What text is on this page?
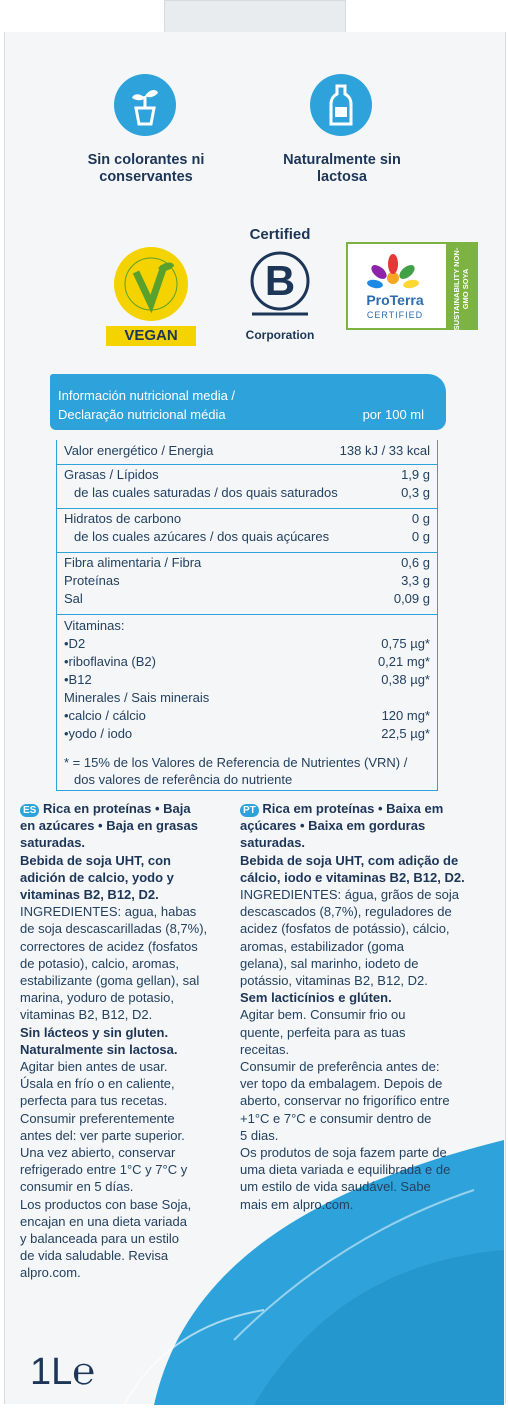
Sin colorantes ni conservantes
Naturalmente sin lactosa
VEGAN
Certified
B
Corporation
ProTerra
CERTIFIED	SUSTAINABILITY NON-GMO SOYA
Información nutricional media /
Declaração nutricional média	por 100 ml
Valor energético / Energia	138 kJ / 33 kcal
Grasas / Lípidos	1,9 g
de las cuales saturadas / dos quais saturados	0,3 g
Hidratos de carbono	0 g
de los cuales azúcares / dos quais açúcares	0 g
Fibra alimentaria / Fibra	0,6 g
Proteínas	3,3 g
Sal	0,09 g
Vitaminas:
•D2	0,75 µg*
•riboflavina (B2)	0,21 mg*
•B12	0,38 µg*
Minerales / Sais minerais
•calcio / cálcio	120 mg*
•yodo / iodo	22,5 µg*
* = 15% de los Valores de Referencia de Nutrientes (VRN) /
dos valores de referência do nutriente
ES Rica en proteínas • Baja
en azúcares • Baja en grasas
saturadas.
Bebida de soja UHT, con
adición de calcio, yodo y
vitaminas B2, B12, D2.
INGREDIENTES: agua, habas
de soja descascarilladas (8,7%),
correctores de acidez (fosfatos
de potasio), calcio, aromas,
estabilizante (goma gellan), sal
marina, yoduro de potasio,
vitaminas B2, B12, D2.
Sin lácteos y sin gluten.
Naturalmente sin lactosa.
Agitar bien antes de usar.
Úsala en frío o en caliente,
perfecta para tus recetas.
Consumir preferentemente
antes del: ver parte superior.
Una vez abierto, conservar
refrigerado entre 1°C y 7°C y
consumir en 5 días.
Los productos con base Soja,
encajan en una dieta variada
y balanceada para un estilo
de vida saludable. Revisa
alpro.com.
PT Rica em proteínas • Baixa em
açúcares • Baixa em gorduras
saturadas.
Bebida de soja UHT, com adição de
cálcio, iodo e vitaminas B2, B12, D2.
INGREDIENTES: água, grãos de soja
descascados (8,7%), reguladores de
acidez (fosfatos de potássio), cálcio,
aromas, estabilizador (goma
gelana), sal marinho, iodeto de
potássio, vitaminas B2, B12, D2.
Sem lacticínios e glúten.
Agitar bem. Consumir frio ou
quente, perfeita para as tuas
receitas.
Consumir de preferência antes de:
ver topo da embalagem. Depois de
aberto, conservar no frigorífico entre
+1°C e 7°C e consumir dentro de
5 dias.
Os produtos de soja fazem parte de
uma dieta variada e equilibrada e de
um estilo de vida saudável. Sabe
mais em alpro.com.
1L℮
